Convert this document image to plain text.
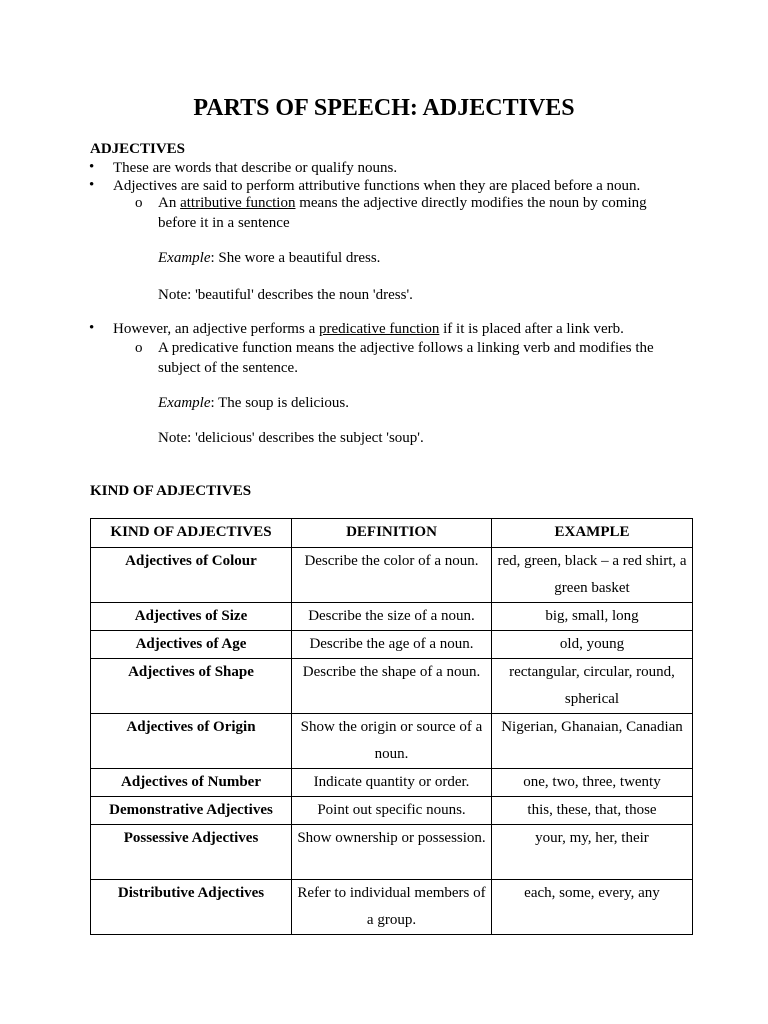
PARTS OF SPEECH: ADJECTIVES
ADJECTIVES

• These are words that describe or qualify nouns.

• Adjectives are said to perform attributive functions when they are placed before a noun.

o An attributive function means the adjective directly modifies the noun by coming before it in a sentence

Example: She wore a beautiful dress.

Note: 'beautiful' describes the noun 'dress'.

• However, an adjective performs a predicative function if it is placed after a link verb.

o A predicative function means the adjective follows a linking verb and modifies the subject of the sentence.

Example: The soup is delicious.

Note: 'delicious' describes the subject 'soup'.

KIND OF ADJECTIVES
KIND OF ADJECTIVES	DEFINITION	EXAMPLE
Adjectives of Colour	Describe the color of a noun.	red, green, black – a red shirt, a green basket
Adjectives of Size	Describe the size of a noun.	big, small, long
Adjectives of Age	Describe the age of a noun.	old, young
Adjectives of Shape	Describe the shape of a noun.	rectangular, circular, round, spherical
Adjectives of Origin	Show the origin or source of a noun.	Nigerian, Ghanaian, Canadian
Adjectives of Number	Indicate quantity or order.	one, two, three, twenty
Demonstrative Adjectives	Point out specific nouns.	this, these, that, those
Possessive Adjectives	Show ownership or possession.	your, my, her, their
Distributive Adjectives	Refer to individual members of a group.	each, some, every, any
